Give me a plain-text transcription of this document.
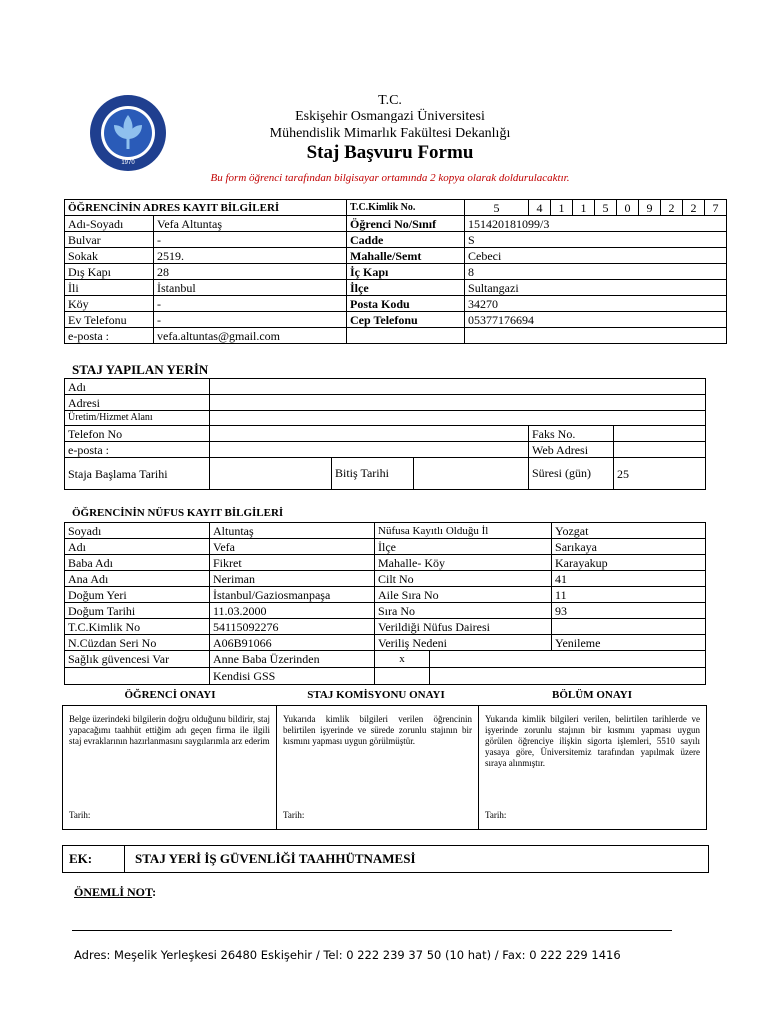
1970
T.C.
Eskişehir Osmangazi Üniversitesi
Mühendislik Mimarlık Fakültesi Dekanlığı
Staj Başvuru Formu
Bu form öğrenci tarafından bilgisayar ortamında 2 kopya olarak doldurulacaktır.
ÖĞRENCİNİN ADRES KAYIT BİLGİLERİ		T.C.Kimlik No.	5	4	1	1	5	0	9	2	2	7	
Adı-Soyadı	Vefa Altuntaş	Öğrenci No/Sınıf	151420181099/3										
Bulvar	-	Cadde	S										
Sokak	2519.	Mahalle/Semt	Cebeci										
Dış Kapı	28	İç Kapı	8										
İli	İstanbul	İlçe	Sultangazi										
Köy	-	Posta Kodu	34270										
Ev Telefonu	-	Cep Telefonu	05377176694										
e-posta :	vefa.altuntas@gmail.com												
STAJ YAPILAN YERİN
Adı					
Adresi					
Üretim/Hizmet Alanı					
Telefon No				Faks No.	
e-posta :				Web Adresi	
Staja Başlama Tarihi		Bitiş Tarihi		Süresi (gün)	25
ÖĞRENCİNİN NÜFUS KAYIT BİLGİLERİ
Soyadı	Altuntaş	Nüfusa Kayıtlı Olduğu İl		Yozgat
Adı	Vefa	İlçe		Sarıkaya
Baba Adı	Fikret	Mahalle- Köy		Karayakup
Ana Adı	Neriman	Cilt No		41
Doğum Yeri	İstanbul/Gaziosmanpaşa	Aile Sıra No		11
Doğum Tarihi	11.03.2000	Sıra No		93
T.C.Kimlik No	54115092276	Verildiği Nüfus Dairesi		
N.Cüzdan Seri No	A06B91066	Veriliş Nedeni		Yenileme
Sağlık güvencesi Var	Anne Baba Üzerinden	x		
	Kendisi GSS			
ÖĞRENCİ ONAYI	STAJ KOMİSYONU ONAYI	BÖLÜM ONAYI
Belge üzerindeki bilgilerin doğru olduğunu bildirir, staj yapacağımı taahhüt ettiğim adı geçen firma ile ilgili staj evraklarının hazırlanmasını saygılarımla arz ederim
Tarih:

Yukarıda kimlik bilgileri verilen öğrencinin belirtilen işyerinde ve sürede zorunlu stajının bir kısmını yapması uygun görülmüştür.
Tarih:

Yukarıda kimlik bilgileri verilen, belirtilen tarihlerde ve işyerinde zorunlu stajının bir kısmını yapması uygun görülen öğrenciye ilişkin sigorta işlemleri, 5510 sayılı yasaya göre, Üniversitemiz tarafından yapılmak üzere sıraya alınmıştır.
Tarih:
EK:	STAJ YERİ İŞ GÜVENLİĞİ TAAHHÜTNAMESİ
ÖNEMLİ NOT:
Adres: Meşelik Yerleşkesi 26480 Eskişehir / Tel: 0 222 239 37 50 (10 hat) / Fax: 0 222 229 1416
